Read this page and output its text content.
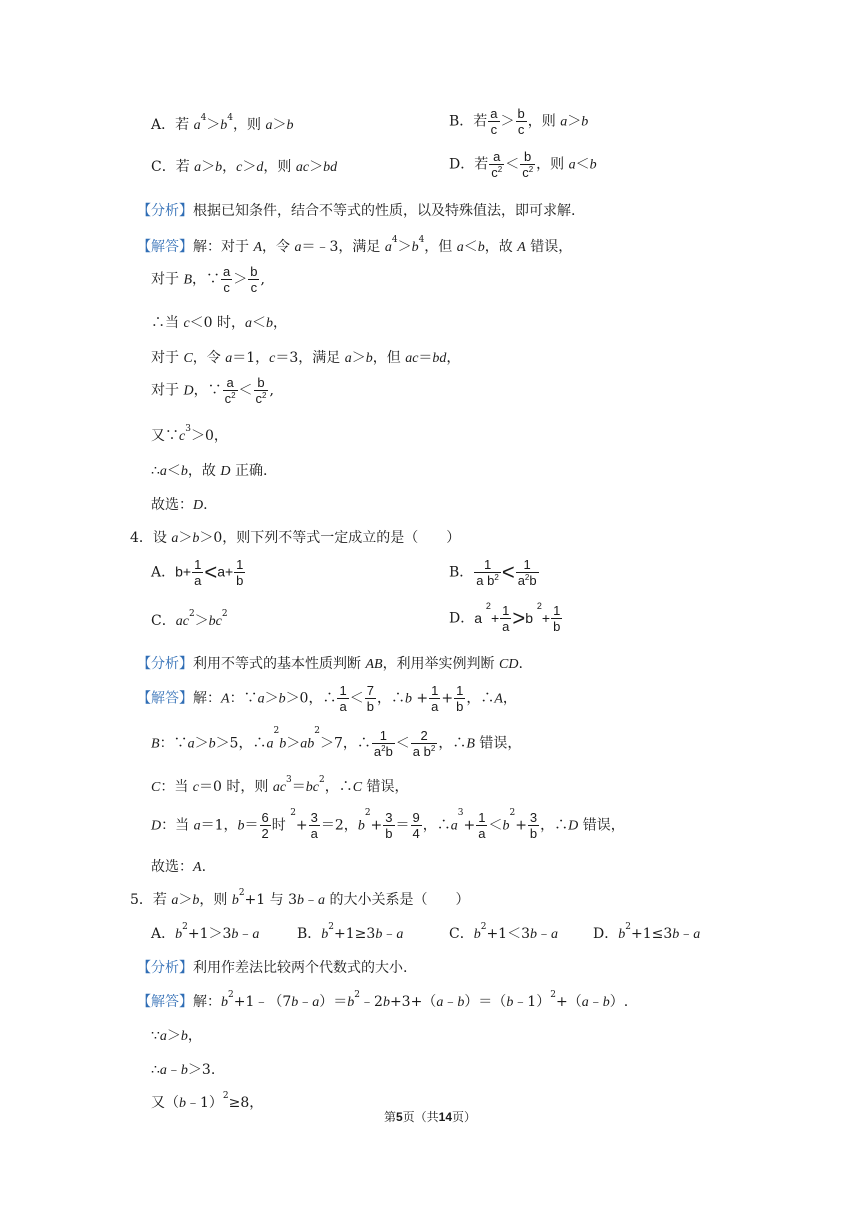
A．若 $a^4>b^4$，则 a＞b	B．若 $\frac{a}{c} > \frac{b}{c}$ ，则 a＞b
C．若 a＞b，c＞d，则 ac＞bd	D．若 $\frac{a}{c^2} < \frac{b}{c^2}$ ，则 a＜b
【分析】根据已知条件，结合不等式的性质，以及特殊值法，即可求解.
【解答】解：对于 A，令 a＝﹣3，满足 $a^4>b^4$，但 a＜b，故 A 错误，
对于 B，∵ $\frac{a}{c} > \frac{b}{c}$ ,
∴当 c＜0 时，a＜b，
对于 C，令 a＝1，c＝3，满足 a＞b，但 ac＝bd，
对于 D，∵ $\frac{a}{c^2} < \frac{b}{c^2}$ ,
又$\because c^3>0$，
∴a＜b，故 D 正确.
故选：D.
4．设 a＞b＞0，则下列不等式一定成立的是（　　）
A．$b+ \frac{1}{a} <a+ \frac{1}{b}$	B． $\frac{1}{a b^2} < \frac{1}{a^2b}$
C．$ac^2>bc^2$	D．a $^2+ \frac{1}{a} >b$ $^2+ \frac{1}{b}$
【分析】利用不等式的基本性质判断 AB，利用举实例判断 CD.
【解答】解：A：∵a＞b＞0，∴ $\frac{1}{a} < \frac{7}{b}$ ，∴b + $\frac{1}{a} + \frac{1}{b}$ ，∴A，
B：∵a＞b＞5，$\therefore a^2b>ab^2>7$，∴ $\frac{1}{a^2b} < \frac{2}{a b^2}$ ，∴B 错误，
C：当 c＝0 时，则 $ac^3=bc^2$，∴C 错误，
D：当 a＝1，$b= \frac{6}{2}$ 时 $^2+ \frac{3}{a} =2$，$b^2+ \frac{3}{b} = \frac{9}{4}$ ，$\therefore a^3+ \frac{1}{a} <b^2+ \frac{3}{b}$ ，∴D 错误，
故选：A.
5．若 a＞b，则 $b^2+1$ 与 3b﹣a 的大小关系是（　　）
A．$b^2+1>3b﹣a$	B．$b^2+1\ge 3b﹣a$	C．$b^2+1<3b﹣a$	D．$b^2+1\le 3b﹣a$
【分析】利用作差法比较两个代数式的大小.
【解答】解：$b^2+1﹣(7b﹣a)=b^2﹣2b+3+(a﹣b)=(b﹣1)^2+(a﹣b)$.
∵a＞b，
∴a﹣b＞3.
又（b﹣1）$^2$≥8，
第5页（共14页）
